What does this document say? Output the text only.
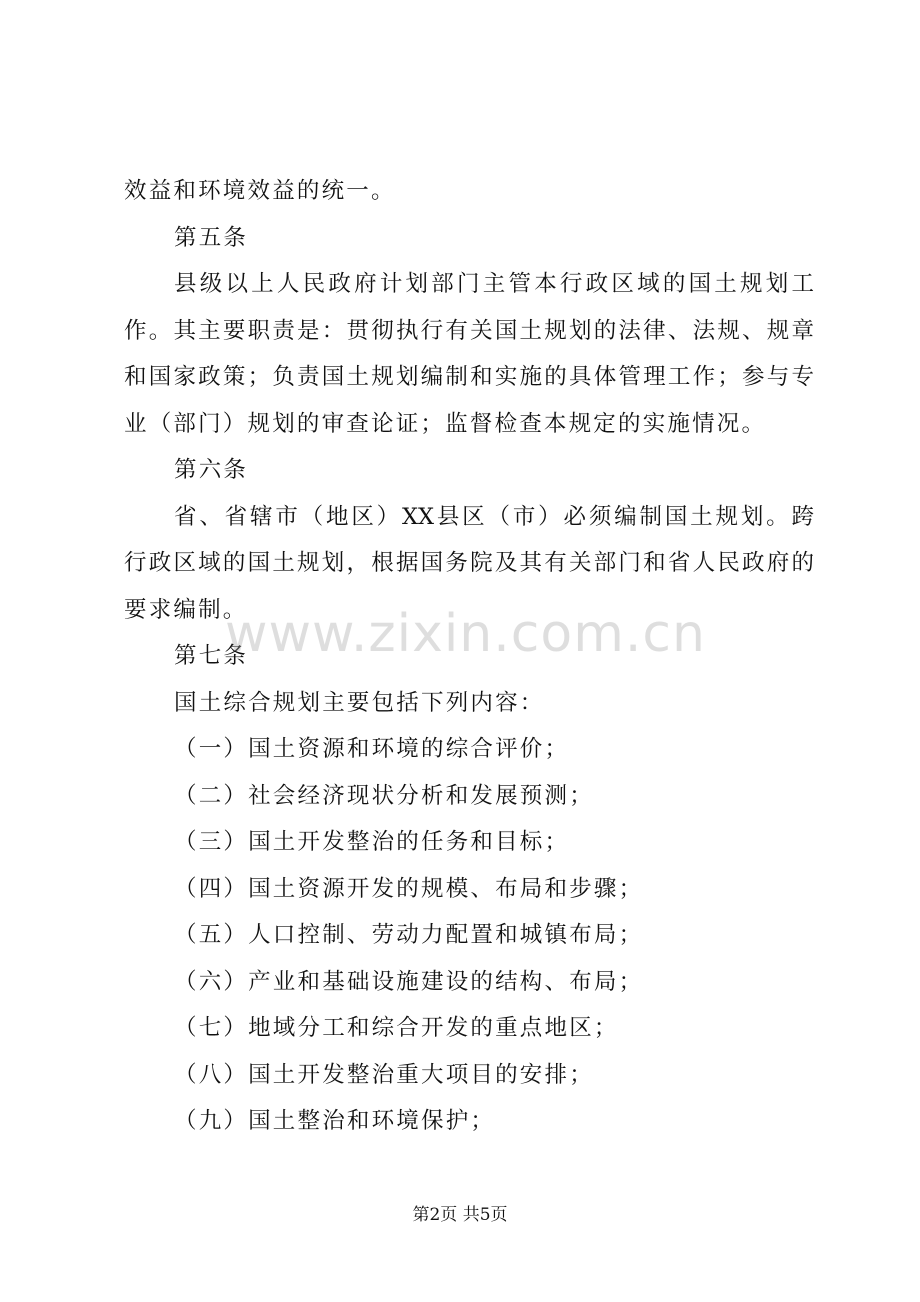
效益和环境效益的统一。
第五条
县级以上人民政府计划部门主管本行政区域的国土规划工
作。其主要职责是：贯彻执行有关国土规划的法律、法规、规章
和国家政策；负责国土规划编制和实施的具体管理工作；参与专
业（部门）规划的审查论证；监督检查本规定的实施情况。
第六条
省、省辖市（地区）XX县区（市）必须编制国土规划。跨
行政区域的国土规划，根据国务院及其有关部门和省人民政府的
要求编制。
第七条
国土综合规划主要包括下列内容：
（一）国土资源和环境的综合评价；
（二）社会经济现状分析和发展预测；
（三）国土开发整治的任务和目标；
（四）国土资源开发的规模、布局和步骤；
（五）人口控制、劳动力配置和城镇布局；
（六）产业和基础设施建设的结构、布局；
（七）地域分工和综合开发的重点地区；
（八）国土开发整治重大项目的安排；
（九）国土整治和环境保护；
www.zixin.com.cn
第2页 共5页
